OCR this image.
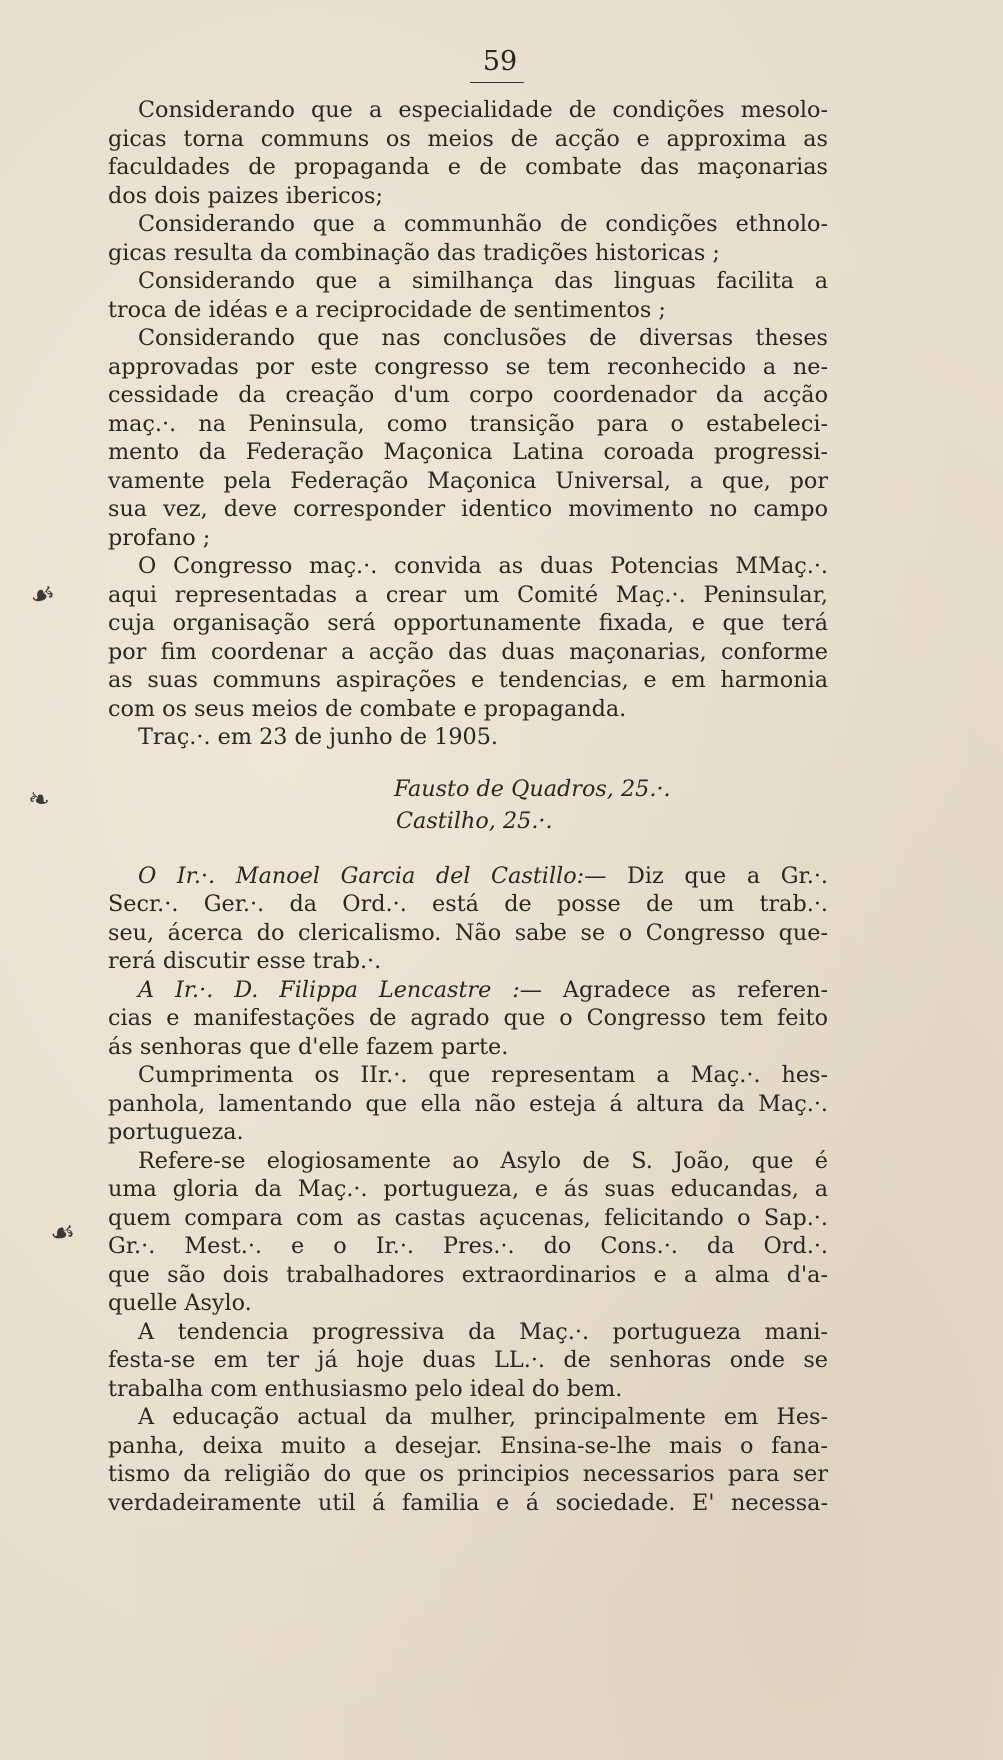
59
☙
❧
☙
Considerando que a especialidade de condições mesolo-
gicas torna communs os meios de acção e approxima as
faculdades de propaganda e de combate das maçonarias
dos dois paizes ibericos;
Considerando que a communhão de condições ethnolo-
gicas resulta da combinação das tradições historicas ;
Considerando que a similhança das linguas facilita a
troca de idéas e a reciprocidade de sentimentos ;
Considerando que nas conclusões de diversas theses
approvadas por este congresso se tem reconhecido a ne-
cessidade da creação d'um corpo coordenador da acção
maç.·. na Peninsula, como transição para o estabeleci-
mento da Federação Maçonica Latina coroada progressi-
vamente pela Federação Maçonica Universal, a que, por
sua vez, deve corresponder identico movimento no campo
profano ;
O Congresso maç.·. convida as duas Potencias MMaç.·.
aqui representadas a crear um Comité Maç.·. Peninsular,
cuja organisação será opportunamente fixada, e que terá
por fim coordenar a acção das duas maçonarias, conforme
as suas communs aspirações e tendencias, e em harmonia
com os seus meios de combate e propaganda.
Traç.·. em 23 de junho de 1905.
Fausto de Quadros, 25.·.
Castilho, 25.·.
O Ir.·. Manoel Garcia del Castillo:— Diz que a Gr.·.
Secr.·. Ger.·. da Ord.·. está de posse de um trab.·.
seu, ácerca do clericalismo. Não sabe se o Congresso que-
rerá discutir esse trab.·.
A Ir.·. D. Filippa Lencastre :— Agradece as referen-
cias e manifestações de agrado que o Congresso tem feito
ás senhoras que d'elle fazem parte.
Cumprimenta os IIr.·. que representam a Maç.·. hes-
panhola, lamentando que ella não esteja á altura da Maç.·.
portugueza.
Refere-se elogiosamente ao Asylo de S. João, que é
uma gloria da Maç.·. portugueza, e ás suas educandas, a
quem compara com as castas açucenas, felicitando o Sap.·.
Gr.·. Mest.·. e o Ir.·. Pres.·. do Cons.·. da Ord.·.
que são dois trabalhadores extraordinarios e a alma d'a-
quelle Asylo.
A tendencia progressiva da Maç.·. portugueza mani-
festa-se em ter já hoje duas LL.·. de senhoras onde se
trabalha com enthusiasmo pelo ideal do bem.
A educação actual da mulher, principalmente em Hes-
panha, deixa muito a desejar. Ensina-se-lhe mais o fana-
tismo da religião do que os principios necessarios para ser
verdadeiramente util á familia e á sociedade. E' necessa-
